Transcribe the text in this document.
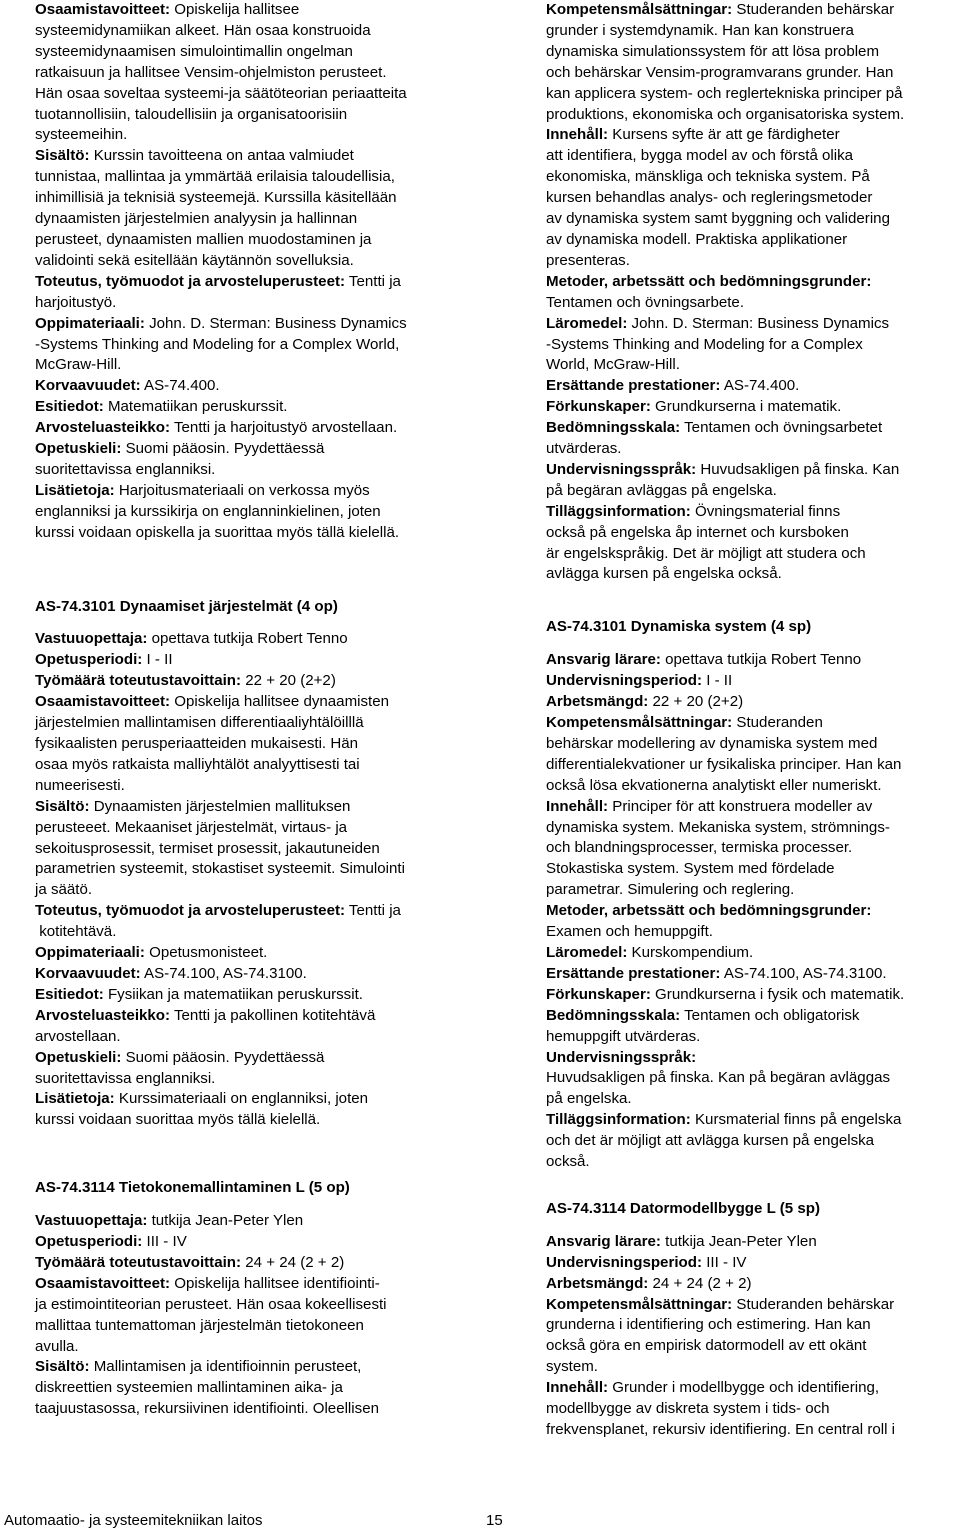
Osaamistavoitteet: Opiskelija hallitsee
systeemidynamiikan alkeet. Hän osaa konstruoida
systeemidynaamisen simulointimallin ongelman
ratkaisuun ja hallitsee Vensim-ohjelmiston perusteet.
Hän osaa soveltaa systeemi-ja säätöteorian periaatteita
tuotannollisiin, taloudellisiin ja organisatoorisiin
systeemeihin.

Sisältö: Kurssin tavoitteena on antaa valmiudet
tunnistaa, mallintaa ja ymmärtää erilaisia taloudellisia,
inhimillisiä ja teknisiä systeemejä. Kurssilla käsitellään
dynaamisten järjestelmien analyysin ja hallinnan
perusteet, dynaamisten mallien muodostaminen ja
validointi sekä esitellään käytännön sovelluksia.

Toteutus, työmuodot ja arvosteluperusteet: Tentti ja
harjoitustyö.

Oppimateriaali: John. D. Sterman: Business Dynamics
-Systems Thinking and Modeling for a Complex World,
McGraw-Hill.

Korvaavuudet: AS-74.400.

Esitiedot: Matematiikan peruskurssit.

Arvosteluasteikko: Tentti ja harjoitustyö arvostellaan.

Opetuskieli: Suomi pääosin. Pyydettäessä
suoritettavissa englanniksi.

Lisätietoja: Harjoitusmateriaali on verkossa myös
englanniksi ja kurssikirja on englanninkielinen, joten
kurssi voidaan opiskella ja suorittaa myös tällä kielellä.

AS-74.3101 Dynaamiset järjestelmät (4 op)

Vastuuopettaja: opettava tutkija Robert Tenno

Opetusperiodi: I - II

Työmäärä toteutustavoittain: 22 + 20 (2+2)

Osaamistavoitteet: Opiskelija hallitsee dynaamisten
järjestelmien mallintamisen differentiaaliyhtälöilllä
fysikaalisten perusperiaatteiden mukaisesti. Hän
osaa myös ratkaista malliyhtälöt analyyttisesti tai
numeerisesti.

Sisältö: Dynaamisten järjestelmien mallituksen
perusteeet. Mekaaniset järjestelmät, virtaus- ja
sekoitusprosessit, termiset prosessit, jakautuneiden
parametrien systeemit, stokastiset systeemit. Simulointi
ja säätö.

Toteutus, työmuodot ja arvosteluperusteet: Tentti ja
kotitehtävä.

Oppimateriaali: Opetusmonisteet.

Korvaavuudet: AS-74.100, AS-74.3100.

Esitiedot: Fysiikan ja matematiikan peruskurssit.

Arvosteluasteikko: Tentti ja pakollinen kotitehtävä
arvostellaan.

Opetuskieli: Suomi pääosin. Pyydettäessä
suoritettavissa englanniksi.

Lisätietoja: Kurssimateriaali on englanniksi, joten
kurssi voidaan suorittaa myös tällä kielellä.

AS-74.3114 Tietokonemallintaminen L (5 op)

Vastuuopettaja: tutkija Jean-Peter Ylen

Opetusperiodi: III - IV

Työmäärä toteutustavoittain: 24 + 24 (2 + 2)

Osaamistavoitteet: Opiskelija hallitsee identifiointi-
ja estimointiteorian perusteet. Hän osaa kokeellisesti
mallittaa tuntemattoman järjestelmän tietokoneen
avulla.

Sisältö: Mallintamisen ja identifioinnin perusteet,
diskreettien systeemien mallintaminen aika- ja
taajuustasossa, rekursiivinen identifiointi. Oleellisen

Kompetensmålsättningar: Studeranden behärskar
grunder i systemdynamik. Han kan konstruera
dynamiska simulationssystem för att lösa problem
och behärskar Vensim-programvarans grunder. Han
kan applicera system- och reglertekniska principer på
produktions, ekonomiska och organisatoriska system.

Innehåll: Kursens syfte är att ge färdigheter
att identifiera, bygga model av och förstå olika
ekonomiska, mänskliga och tekniska system. På
kursen behandlas analys- och regleringsmetoder
av dynamiska system samt byggning och validering
av dynamiska modell. Praktiska applikationer
presenteras.

Metoder, arbetssätt och bedömningsgrunder:
Tentamen och övningsarbete.

Läromedel: John. D. Sterman: Business Dynamics
-Systems Thinking and Modeling for a Complex
World, McGraw-Hill.

Ersättande prestationer: AS-74.400.

Förkunskaper: Grundkurserna i matematik.

Bedömningsskala: Tentamen och övningsarbetet
utvärderas.

Undervisningsspråk: Huvudsakligen på finska. Kan
på begäran avläggas på engelska.

Tilläggsinformation: Övningsmaterial finns
också på engelska åp internet och kursboken
är engelskspråkig. Det är möjligt att studera och
avlägga kursen på engelska också.

AS-74.3101 Dynamiska system (4 sp)

Ansvarig lärare: opettava tutkija Robert Tenno

Undervisningsperiod: I - II

Arbetsmängd: 22 + 20 (2+2)

Kompetensmålsättningar: Studeranden
behärskar modellering av dynamiska system med
differentialekvationer ur fysikaliska principer. Han kan
också lösa ekvationerna analytiskt eller numeriskt.

Innehåll: Principer för att konstruera modeller av
dynamiska system. Mekaniska system, strömnings-
och blandningsprocesser, termiska processer.
Stokastiska system. System med fördelade
parametrar. Simulering och reglering.

Metoder, arbetssätt och bedömningsgrunder:
Examen och hemuppgift.

Läromedel: Kurskompendium.

Ersättande prestationer: AS-74.100, AS-74.3100.

Förkunskaper: Grundkurserna i fysik och matematik.

Bedömningsskala: Tentamen och obligatorisk
hemuppgift utvärderas.

Undervisningsspråk:
Huvudsakligen på finska. Kan på begäran avläggas
på engelska.

Tilläggsinformation: Kursmaterial finns på engelska
och det är möjligt att avlägga kursen på engelska
också.

AS-74.3114 Datormodellbygge L (5 sp)

Ansvarig lärare: tutkija Jean-Peter Ylen

Undervisningsperiod: III - IV

Arbetsmängd: 24 + 24 (2 + 2)

Kompetensmålsättningar: Studeranden behärskar
grunderna i identifiering och estimering. Han kan
också göra en empirisk datormodell av ett okänt
system.

Innehåll: Grunder i modellbygge och identifiering,
modellbygge av diskreta system i tids- och
frekvensplanet, rekursiv identifiering. En central roll i

Automaatio- ja systeemitekniikan laitos	15
